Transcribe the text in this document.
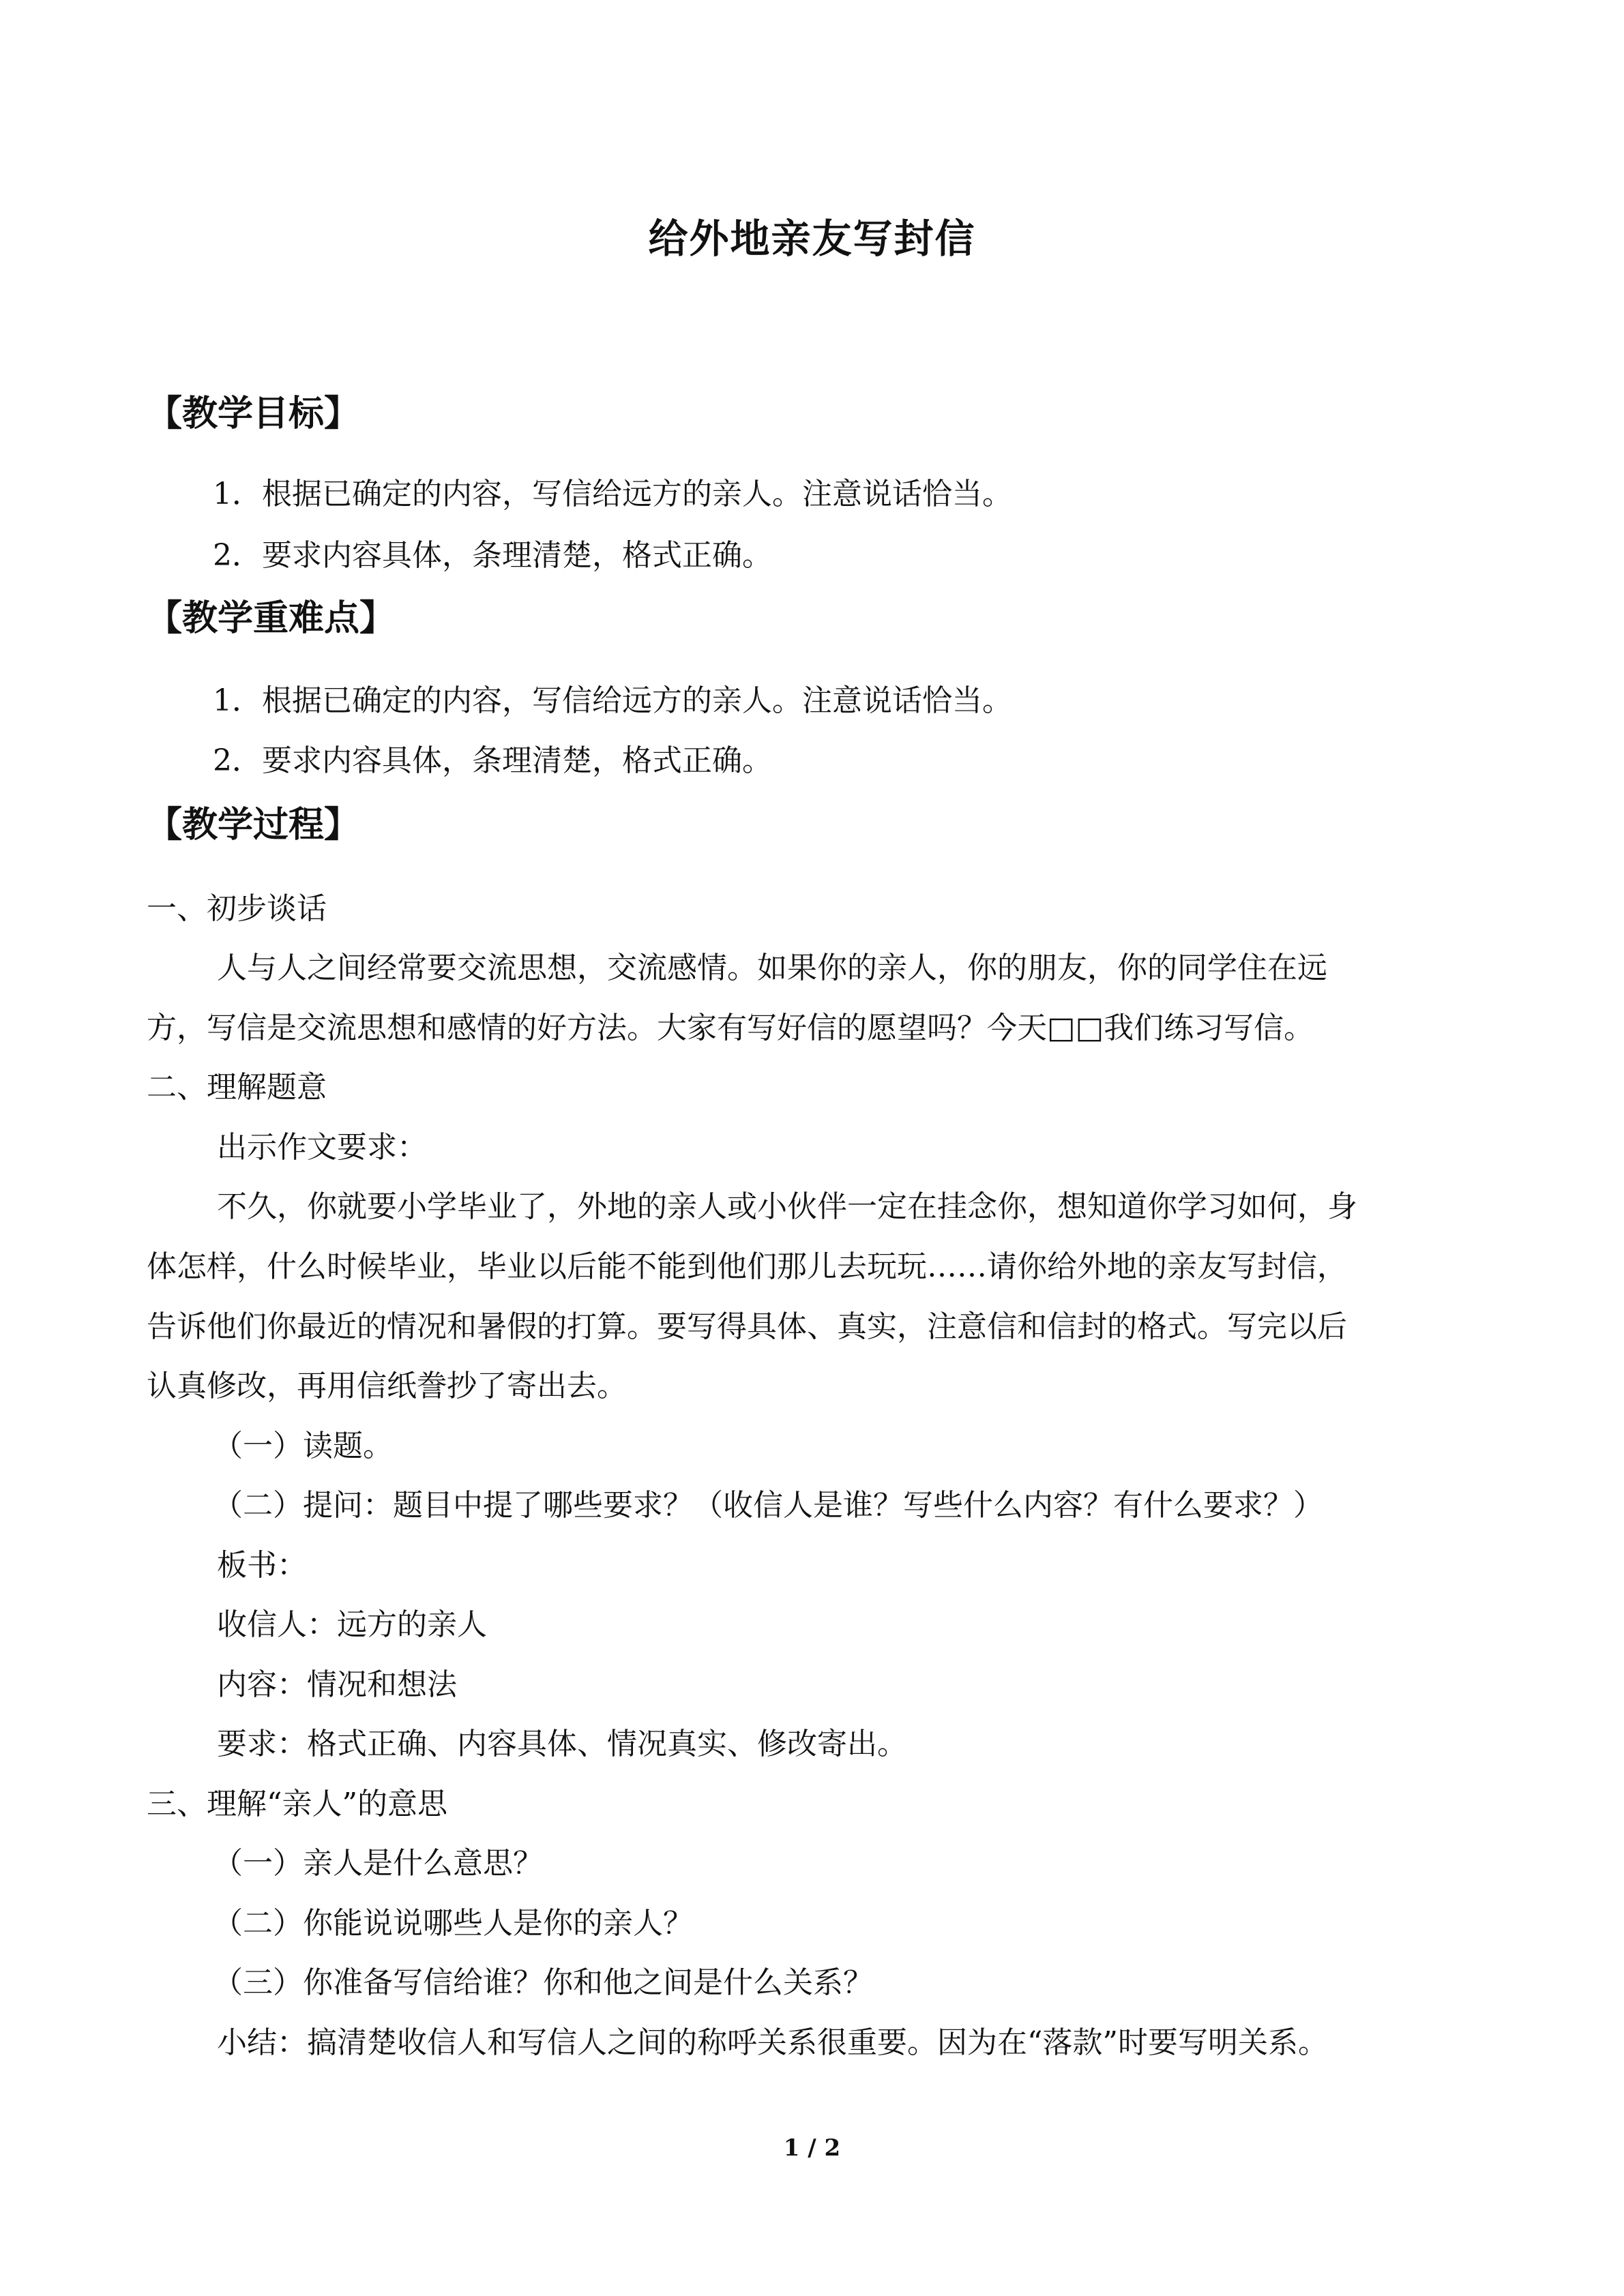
给外地亲友写封信
【教学目标】
1．根据已确定的内容，写信给远方的亲人。注意说话恰当。
2．要求内容具体，条理清楚，格式正确。
【教学重难点】
1．根据已确定的内容，写信给远方的亲人。注意说话恰当。
2．要求内容具体，条理清楚，格式正确。
【教学过程】
一、初步谈话
人与人之间经常要交流思想，交流感情。如果你的亲人，你的朋友，你的同学住在远
方，写信是交流思想和感情的好方法。大家有写好信的愿望吗？今天□□我们练习写信。
二、理解题意
出示作文要求：
不久，你就要小学毕业了，外地的亲人或小伙伴一定在挂念你，想知道你学习如何，身
体怎样，什么时候毕业，毕业以后能不能到他们那儿去玩玩……请你给外地的亲友写封信，
告诉他们你最近的情况和暑假的打算。要写得具体、真实，注意信和信封的格式。写完以后
认真修改，再用信纸誊抄了寄出去。
（一）读题。
（二）提问：题目中提了哪些要求？（收信人是谁？写些什么内容？有什么要求？）
板书：
收信人：远方的亲人
内容：情况和想法
要求：格式正确、内容具体、情况真实、修改寄出。
三、理解“亲人”的意思
（一）亲人是什么意思？
（二）你能说说哪些人是你的亲人？
（三）你准备写信给谁？你和他之间是什么关系？
小结：搞清楚收信人和写信人之间的称呼关系很重要。因为在“落款”时要写明关系。
1 / 2
